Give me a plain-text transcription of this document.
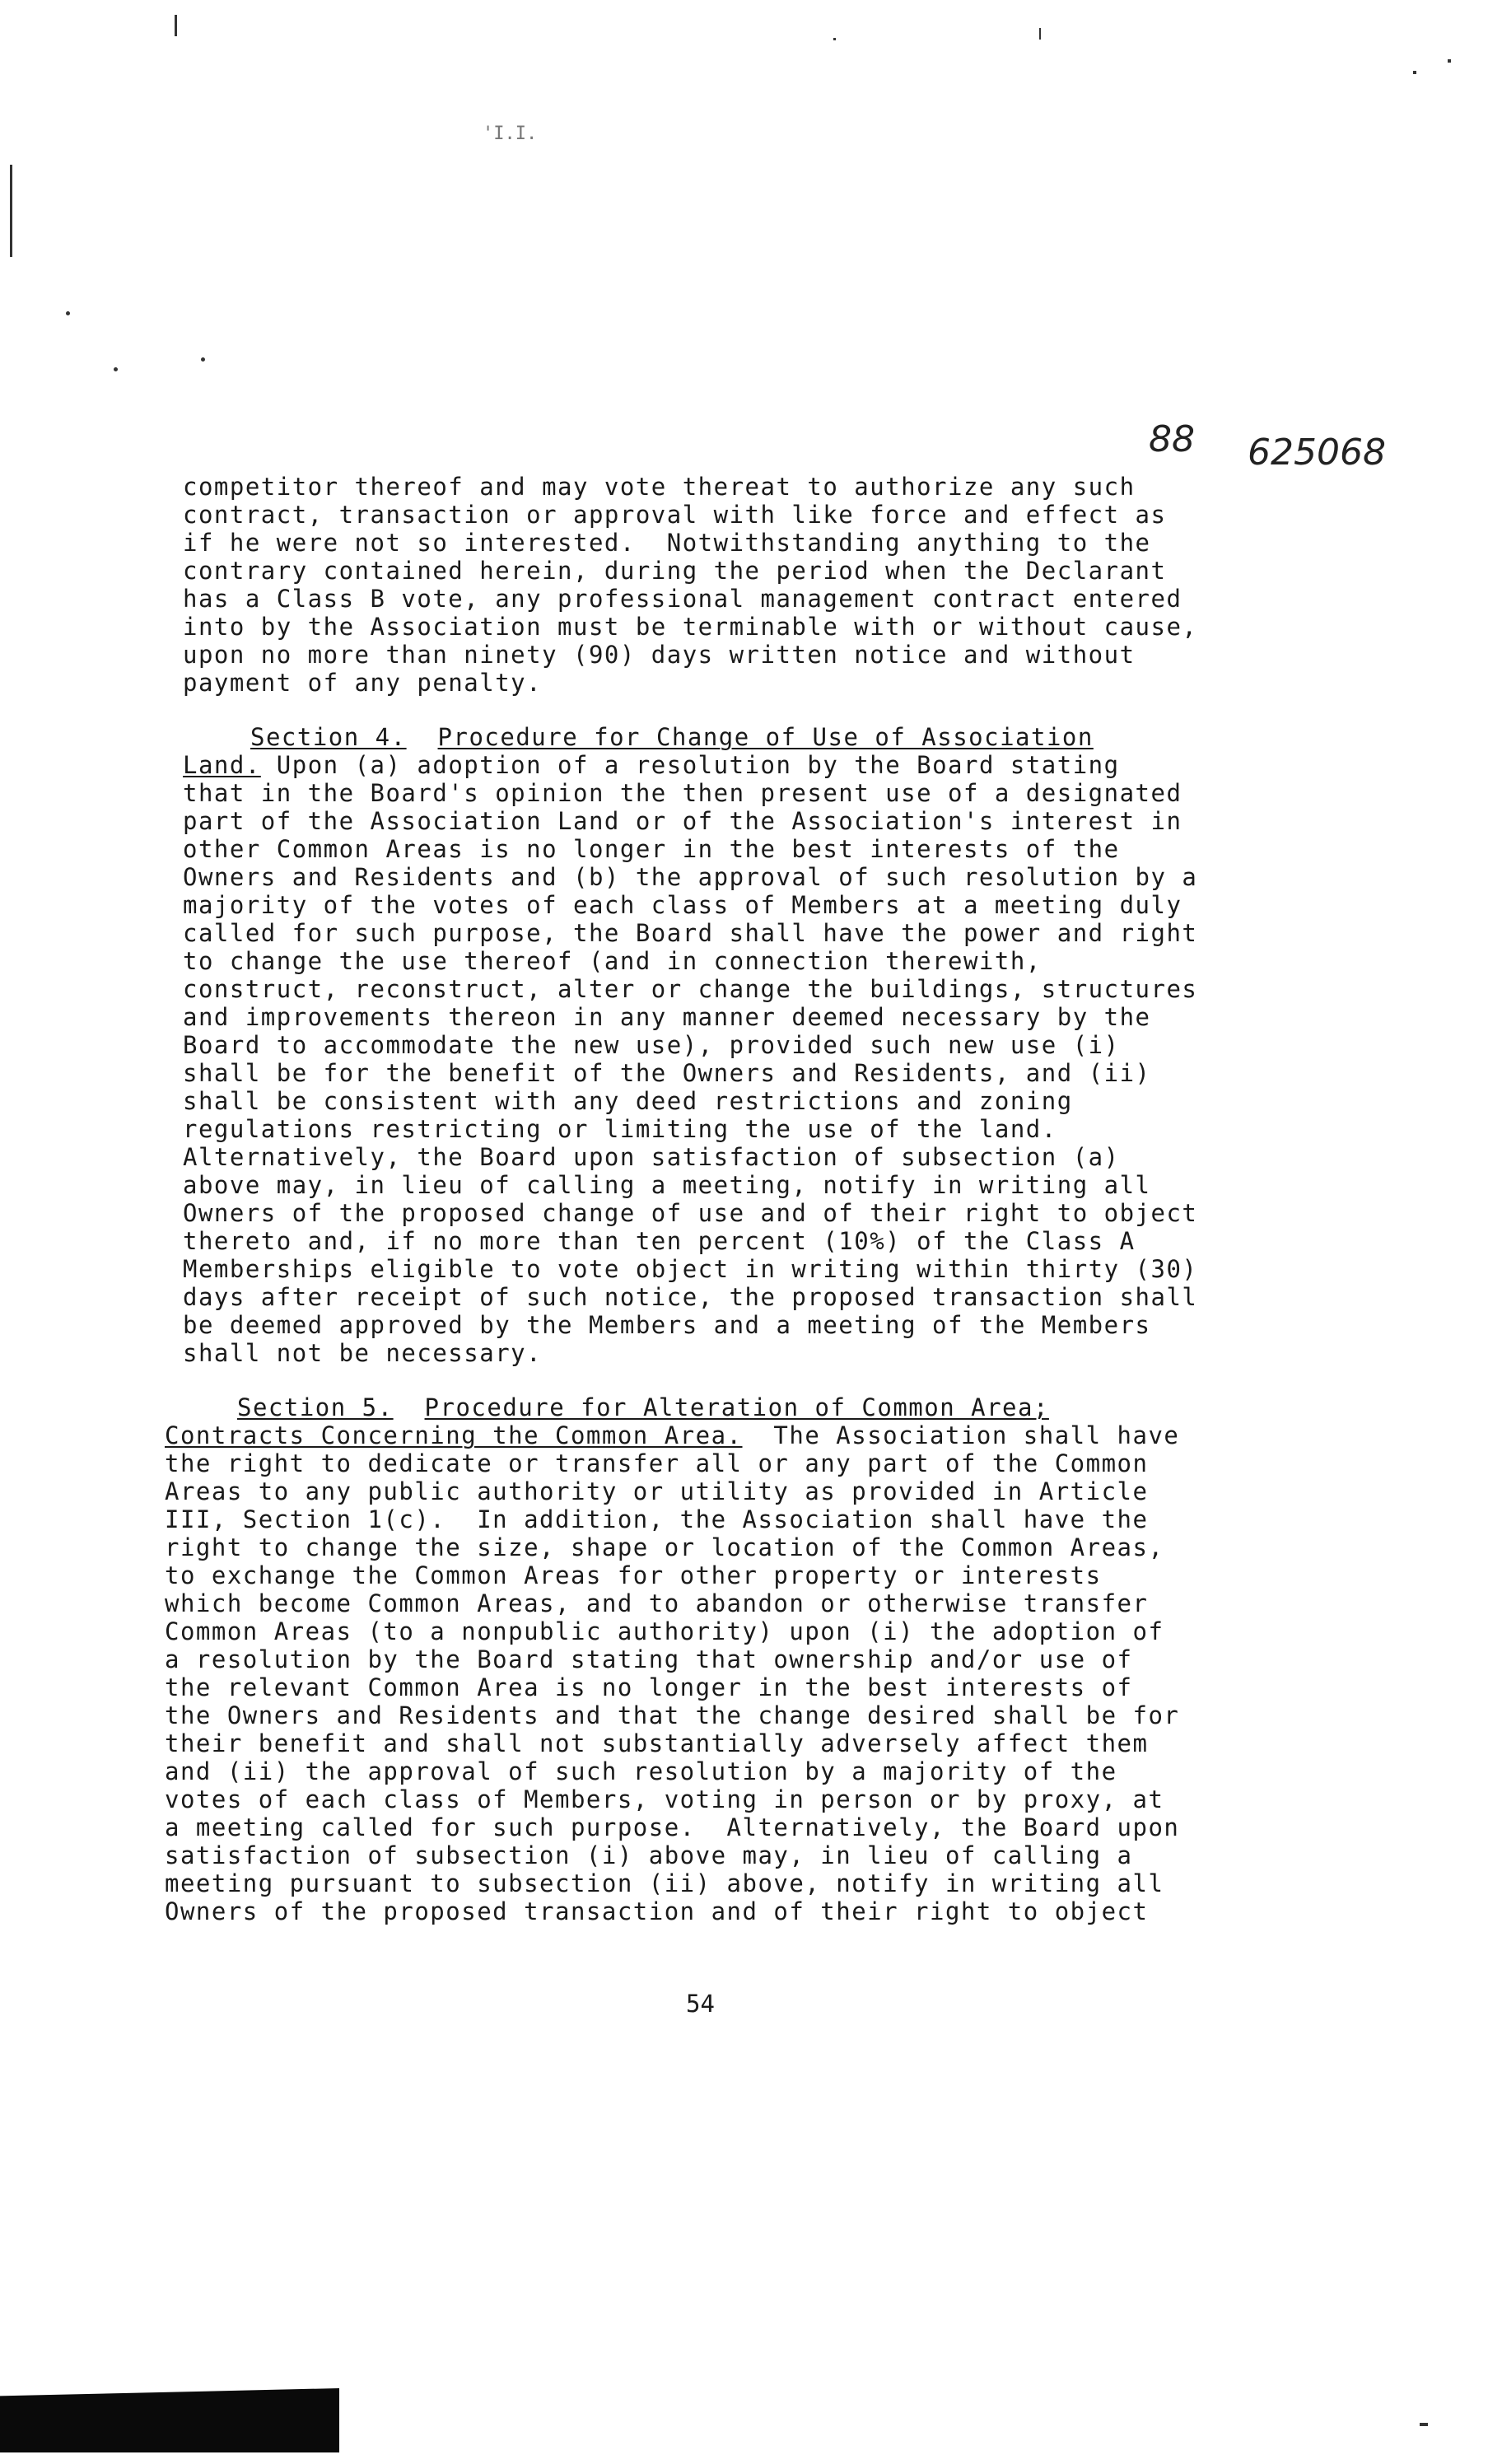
'I.I.
88 625068
competitor thereof and may vote thereat to authorize any such
contract, transaction or approval with like force and effect as
if he were not so interested.  Notwithstanding anything to the
contrary contained herein, during the period when the Declarant
has a Class B vote, any professional management contract entered
into by the Association must be terminable with or without cause,
upon no more than ninety (90) days written notice and without
payment of any penalty.
Section 4. Procedure for Change of Use of Association
Land. Upon (a) adoption of a resolution by the Board stating
that in the Board's opinion the then present use of a designated
part of the Association Land or of the Association's interest in
other Common Areas is no longer in the best interests of the
Owners and Residents and (b) the approval of such resolution by a
majority of the votes of each class of Members at a meeting duly
called for such purpose, the Board shall have the power and right
to change the use thereof (and in connection therewith,
construct, reconstruct, alter or change the buildings, structures
and improvements thereon in any manner deemed necessary by the
Board to accommodate the new use), provided such new use (i)
shall be for the benefit of the Owners and Residents, and (ii)
shall be consistent with any deed restrictions and zoning
regulations restricting or limiting the use of the land.
Alternatively, the Board upon satisfaction of subsection (a)
above may, in lieu of calling a meeting, notify in writing all
Owners of the proposed change of use and of their right to object
thereto and, if no more than ten percent (10%) of the Class A
Memberships eligible to vote object in writing within thirty (30)
days after receipt of such notice, the proposed transaction shall
be deemed approved by the Members and a meeting of the Members
shall not be necessary.
Section 5. Procedure for Alteration of Common Area;
Contracts Concerning the Common Area.  The Association shall have
the right to dedicate or transfer all or any part of the Common
Areas to any public authority or utility as provided in Article
III, Section 1(c).  In addition, the Association shall have the
right to change the size, shape or location of the Common Areas,
to exchange the Common Areas for other property or interests
which become Common Areas, and to abandon or otherwise transfer
Common Areas (to a nonpublic authority) upon (i) the adoption of
a resolution by the Board stating that ownership and/or use of
the relevant Common Area is no longer in the best interests of
the Owners and Residents and that the change desired shall be for
their benefit and shall not substantially adversely affect them
and (ii) the approval of such resolution by a majority of the
votes of each class of Members, voting in person or by proxy, at
a meeting called for such purpose.  Alternatively, the Board upon
satisfaction of subsection (i) above may, in lieu of calling a
meeting pursuant to subsection (ii) above, notify in writing all
Owners of the proposed transaction and of their right to object
54
